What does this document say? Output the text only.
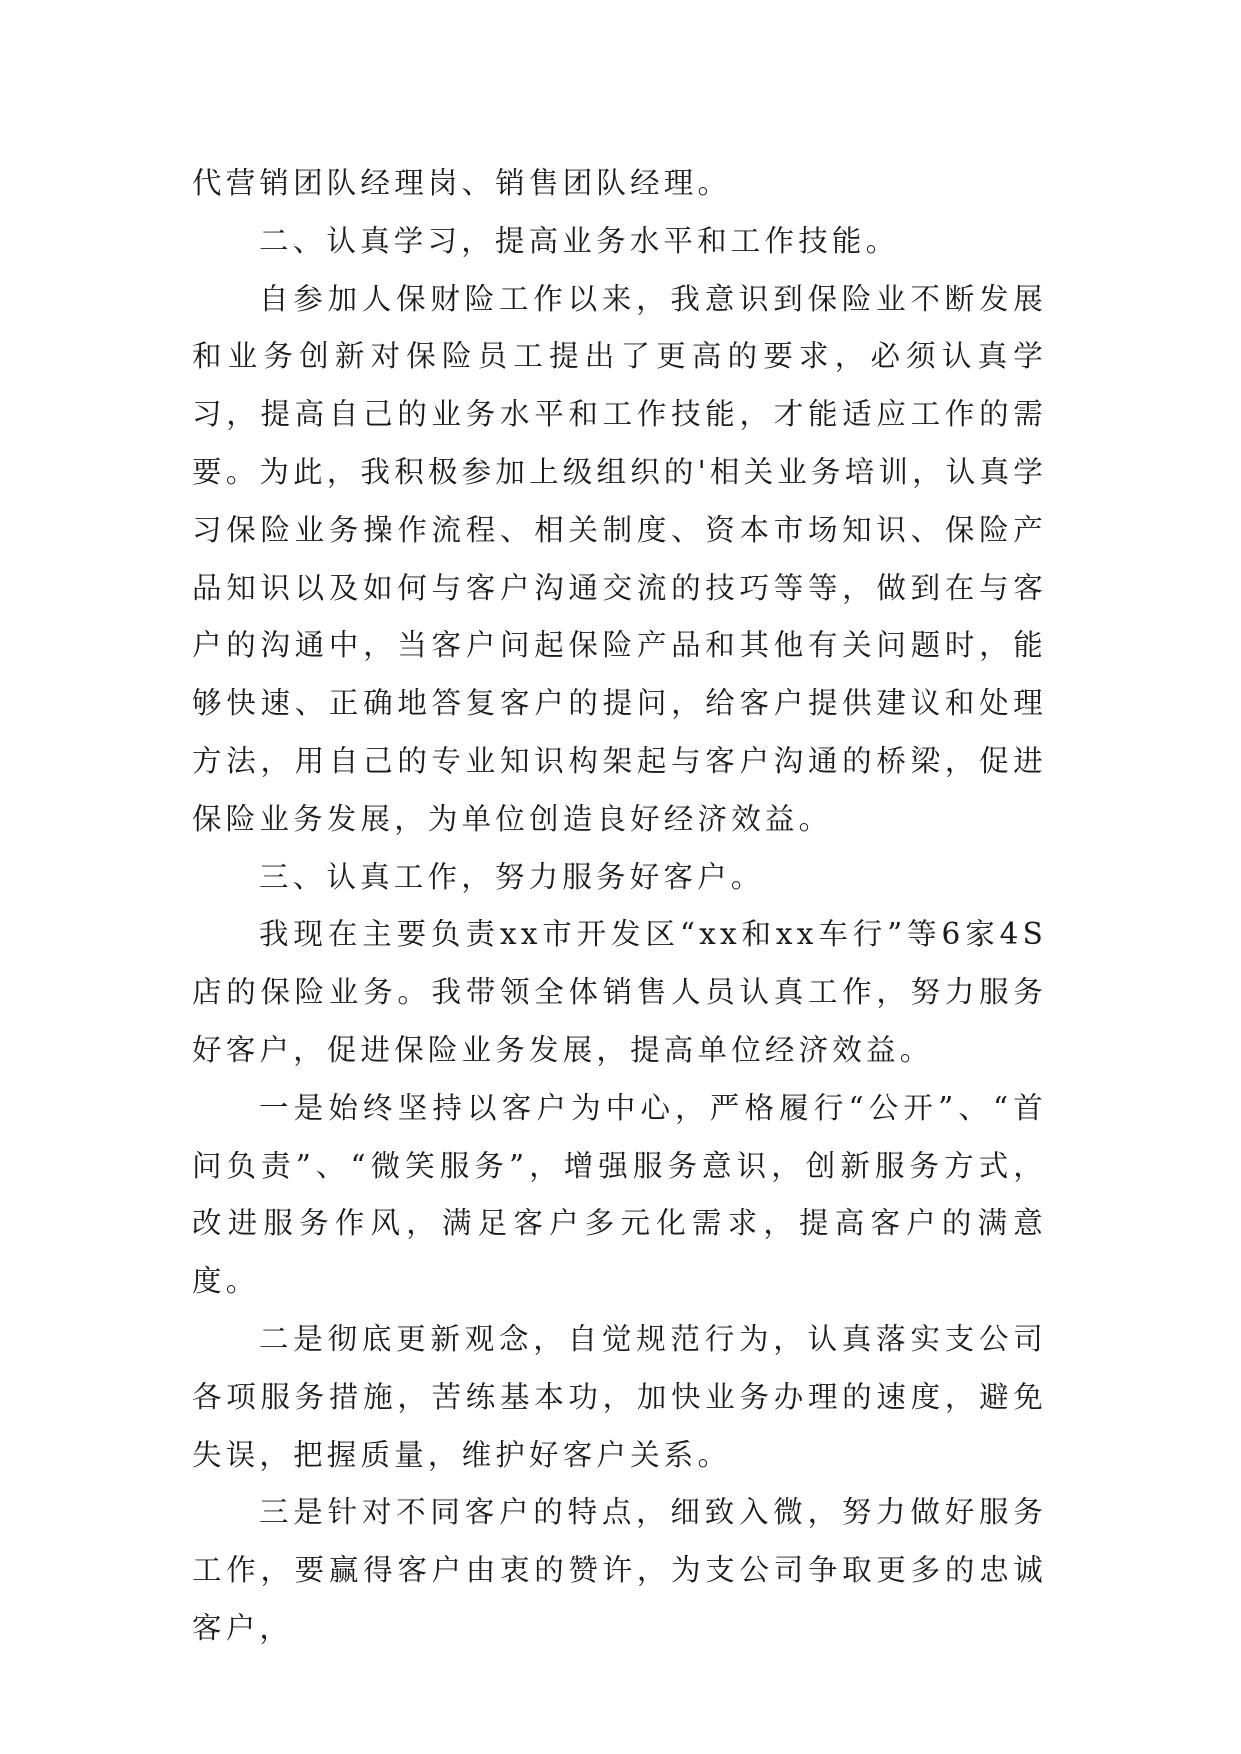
代营销团队经理岗、销售团队经理。

二、认真学习，提高业务水平和工作技能。

自参加人保财险工作以来，我意识到保险业不断发展和业务创新对保险员工提出了更高的要求，必须认真学习，提高自己的业务水平和工作技能，才能适应工作的需要。为此，我积极参加上级组织的'相关业务培训，认真学习保险业务操作流程、相关制度、资本市场知识、保险产品知识以及如何与客户沟通交流的技巧等等，做到在与客户的沟通中，当客户问起保险产品和其他有关问题时，能够快速、正确地答复客户的提问，给客户提供建议和处理方法，用自己的专业知识构架起与客户沟通的桥梁，促进保险业务发展，为单位创造良好经济效益。

三、认真工作，努力服务好客户。

我现在主要负责xx市开发区“xx和xx车行”等6家4S店的保险业务。我带领全体销售人员认真工作，努力服务好客户，促进保险业务发展，提高单位经济效益。

一是始终坚持以客户为中心，严格履行“公开”、“首问负责”、“微笑服务”，增强服务意识，创新服务方式，改进服务作风，满足客户多元化需求，提高客户的满意度。

二是彻底更新观念，自觉规范行为，认真落实支公司各项服务措施，苦练基本功，加快业务办理的速度，避免失误，把握质量，维护好客户关系。

三是针对不同客户的特点，细致入微，努力做好服务工作，要赢得客户由衷的赞许，为支公司争取更多的忠诚客户，
